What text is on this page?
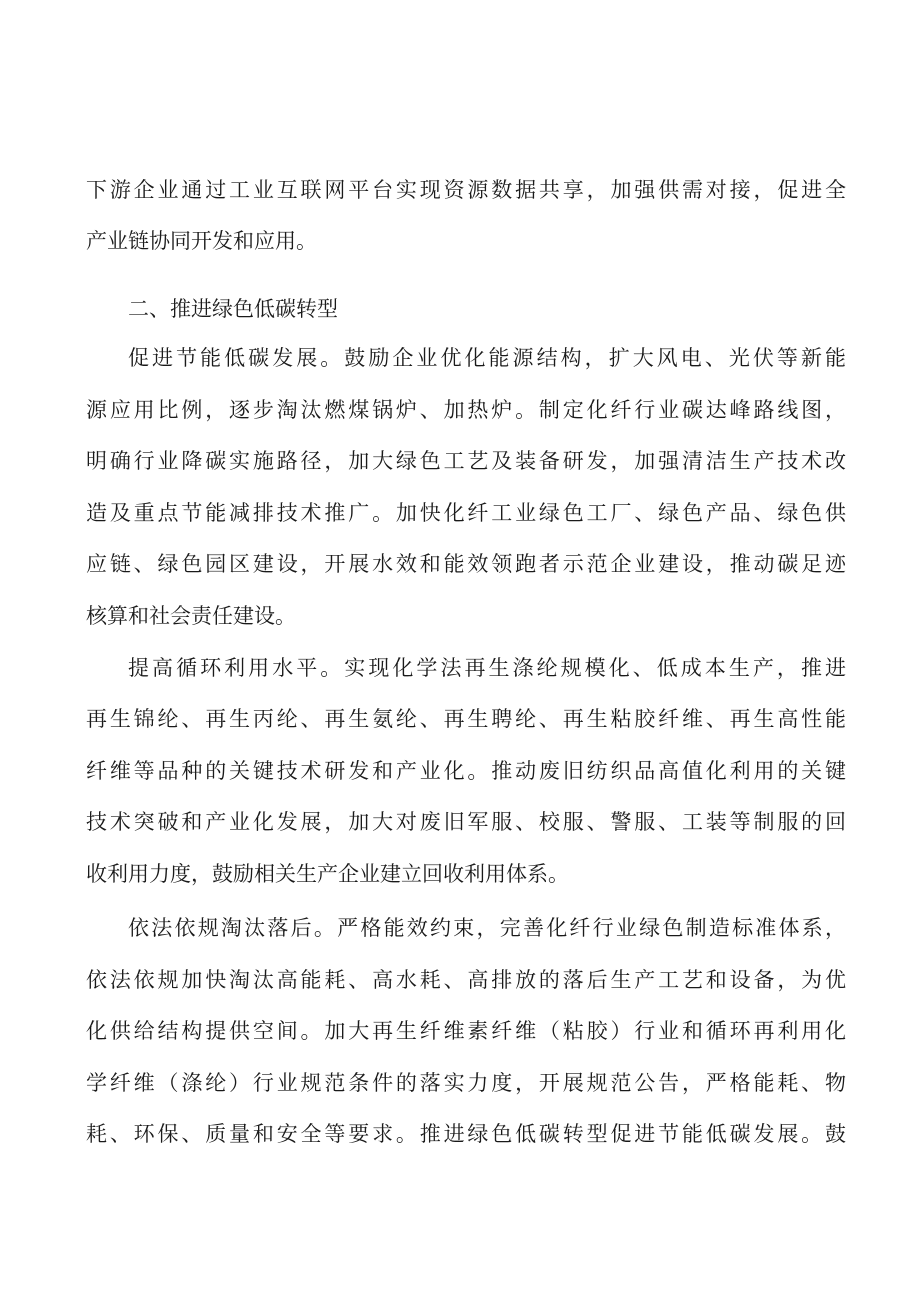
下游企业通过工业互联网平台实现资源数据共享，加强供需对接，促进全
产业链协同开发和应用。
二、推进绿色低碳转型
促进节能低碳发展。鼓励企业优化能源结构，扩大风电、光伏等新能
源应用比例，逐步淘汰燃煤锅炉、加热炉。制定化纤行业碳达峰路线图，
明确行业降碳实施路径，加大绿色工艺及装备研发，加强清洁生产技术改
造及重点节能减排技术推广。加快化纤工业绿色工厂、绿色产品、绿色供
应链、绿色园区建设，开展水效和能效领跑者示范企业建设，推动碳足迹
核算和社会责任建设。
提高循环利用水平。实现化学法再生涤纶规模化、低成本生产，推进
再生锦纶、再生丙纶、再生氨纶、再生聘纶、再生粘胶纤维、再生高性能
纤维等品种的关键技术研发和产业化。推动废旧纺织品高值化利用的关键
技术突破和产业化发展，加大对废旧军服、校服、警服、工装等制服的回
收利用力度，鼓励相关生产企业建立回收利用体系。
依法依规淘汰落后。严格能效约束，完善化纤行业绿色制造标准体系，
依法依规加快淘汰高能耗、高水耗、高排放的落后生产工艺和设备，为优
化供给结构提供空间。加大再生纤维素纤维（粘胶）行业和循环再利用化
学纤维（涤纶）行业规范条件的落实力度，开展规范公告，严格能耗、物
耗、环保、质量和安全等要求。推进绿色低碳转型促进节能低碳发展。鼓
